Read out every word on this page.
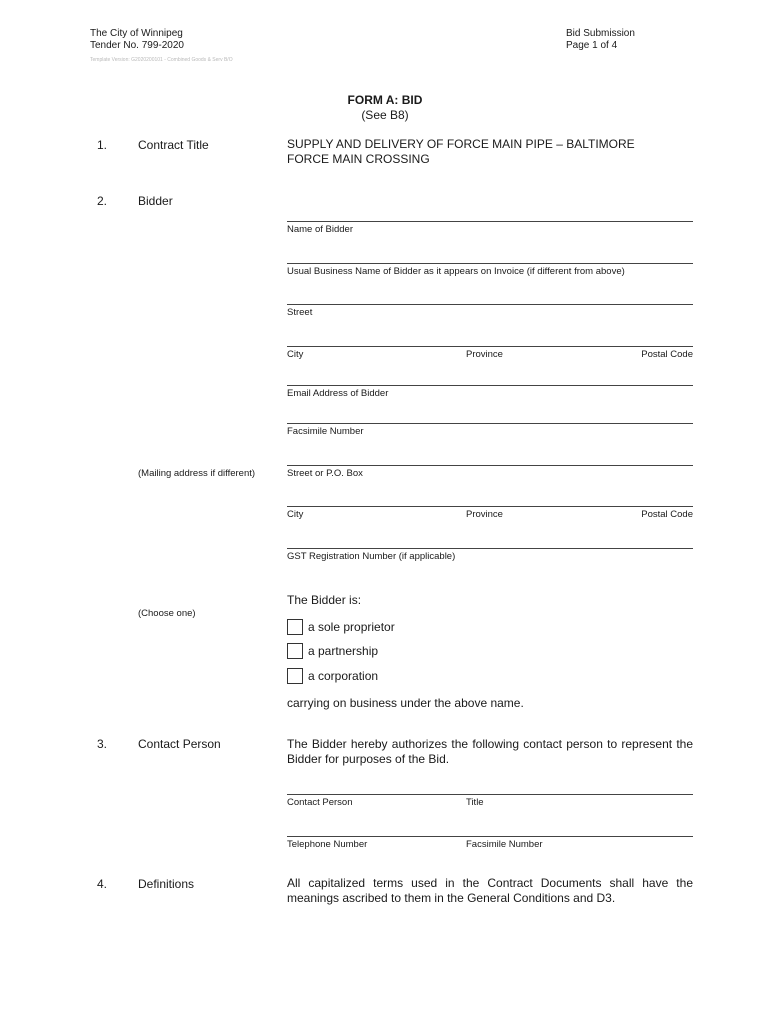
The City of Winnipeg
Tender No. 799-2020
Template Version: G2020200101 - Combined Goods & Serv B/O
Bid Submission
Page 1 of 4
FORM A: BID
(See B8)
1.	Contract Title	SUPPLY AND DELIVERY OF FORCE MAIN PIPE – BALTIMORE FORCE MAIN CROSSING
2.	Bidder
Name of Bidder
Usual Business Name of Bidder as it appears on Invoice (if different from above)
Street
City	Province	Postal Code
Email Address of Bidder
Facsimile Number
(Mailing address if different)	Street or P.O. Box
City	Province	Postal Code
GST Registration Number (if applicable)
(Choose one)
The Bidder is:
a sole proprietor
a partnership
a corporation
carrying on business under the above name.
3.	Contact Person	The Bidder hereby authorizes the following contact person to represent the Bidder for purposes of the Bid.
Contact Person	Title
Telephone Number	Facsimile Number
4.	Definitions	All capitalized terms used in the Contract Documents shall have the meanings ascribed to them in the General Conditions and D3.
